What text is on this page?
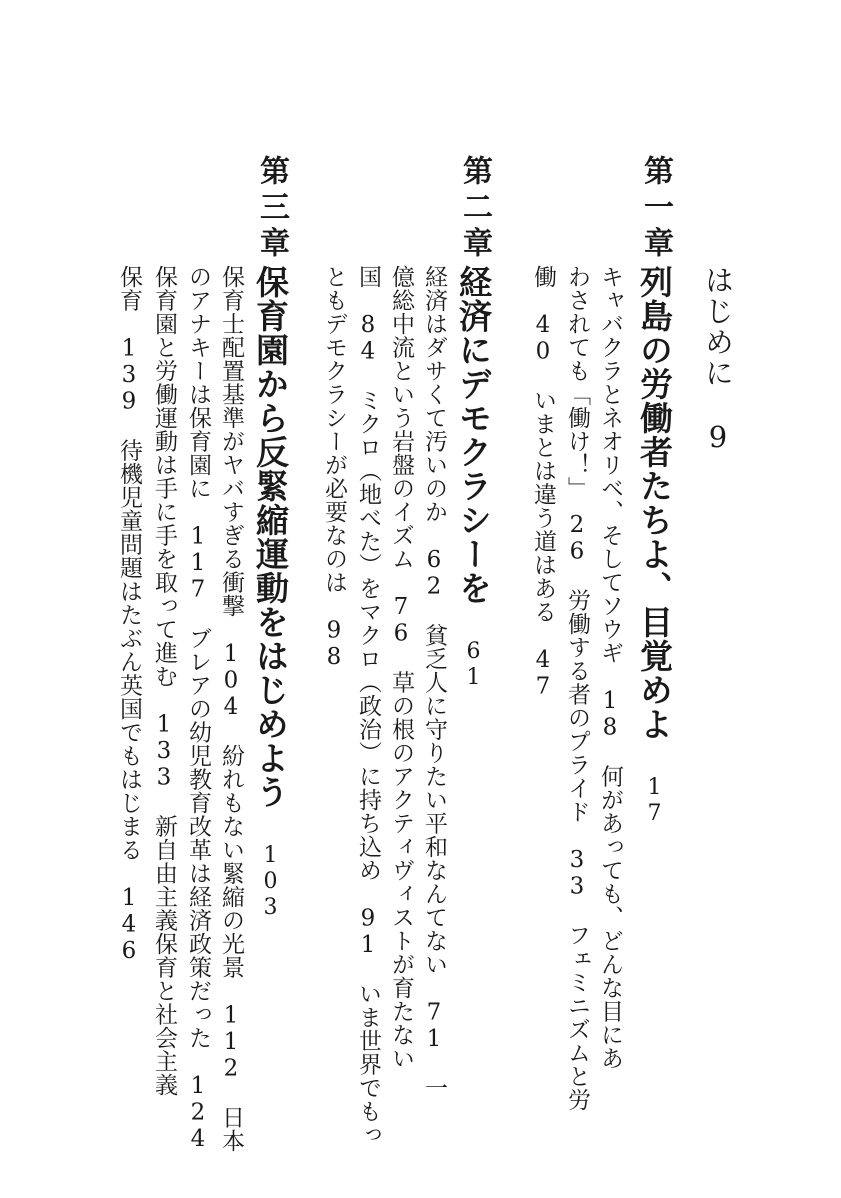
はじめに　9
第一章
列島の労働者たちよ、目覚めよ　17
キャバクラとネオリベ、そしてソウギ　18　何があっても、どんな目にあ
わされても「働け！」　26　労働する者のプライド　33　フェミニズムと労
働　40　いまとは違う道はある　47
第二章
経済にデモクラシーを　61
経済はダサくて汚いのか　62　貧乏人に守りたい平和なんてない　71　一
億総中流という岩盤のイズム　76　草の根のアクティヴィストが育たない
国　84　ミクロ（地べた）をマクロ（政治）に持ち込め　91　いま世界でもっ
ともデモクラシーが必要なのは　98
第三章
保育園から反緊縮運動をはじめよう　103
保育士配置基準がヤバすぎる衝撃　104　紛れもない緊縮の光景　112　日本
のアナキーは保育園に　117　ブレアの幼児教育改革は経済政策だった　124
保育園と労働運動は手に手を取って進む　133　新自由主義保育と社会主義
保育　139　待機児童問題はたぶん英国でもはじまる　146
